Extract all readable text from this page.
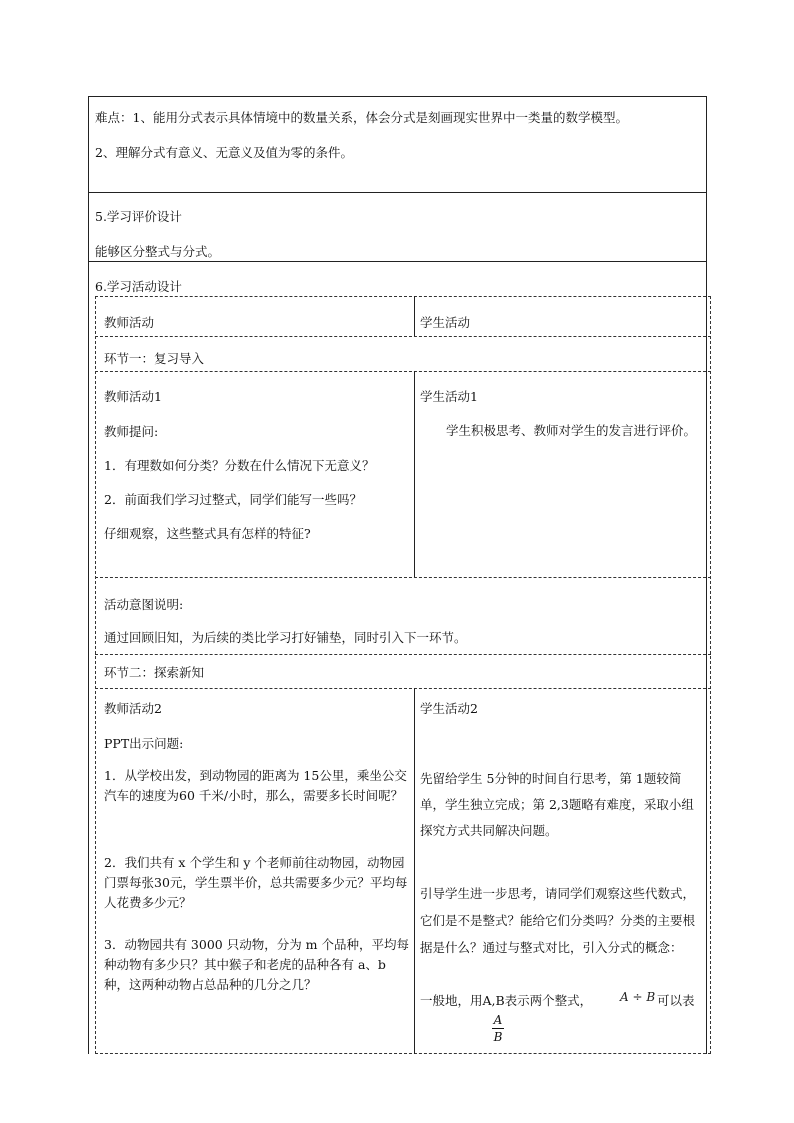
难点：1、能用分式表示具体情境中的数量关系，体会分式是刻画现实世界中一类量的数学模型。
2、理解分式有意义、无意义及值为零的条件。
5.学习评价设计
能够区分整式与分式。
6.学习活动设计
教师活动	学生活动
环节一：复习导入
教师活动1
教师提问:
1．有理数如何分类？分数在什么情况下无意义？
2．前面我们学习过整式，同学们能写一些吗？
仔细观察，这些整式具有怎样的特征?
学生活动1
学生积极思考、教师对学生的发言进行评价。
活动意图说明:
通过回顾旧知，为后续的类比学习打好铺垫，同时引入下一环节。
环节二：探索新知
教师活动2
PPT出示问题:
1．从学校出发，到动物园的距离为 15公里，乘坐公交汽车的速度为60 千米/小时，那么，需要多长时间呢？
2．我们共有 x 个学生和 y 个老师前往动物园，动物园门票每张30元，学生票半价，总共需要多少元？平均每人花费多少元？
3．动物园共有 3000 只动物，分为 m 个品种，平均每种动物有多少只？其中猴子和老虎的品种各有 a、b 种，这两种动物占总品种的几分之几？
学生活动2
先留给学生 5分钟的时间自行思考，第 1题较简单，学生独立完成；第 2,3题略有难度，采取小组探究方式共同解决问题。
引导学生进一步思考，请同学们观察这些代数式，它们是不是整式？能给它们分类吗？分类的主要根据是什么？通过与整式对比，引入分式的概念：
一般地，用A,B表示两个整式， A ÷ B 可以表
A
B
